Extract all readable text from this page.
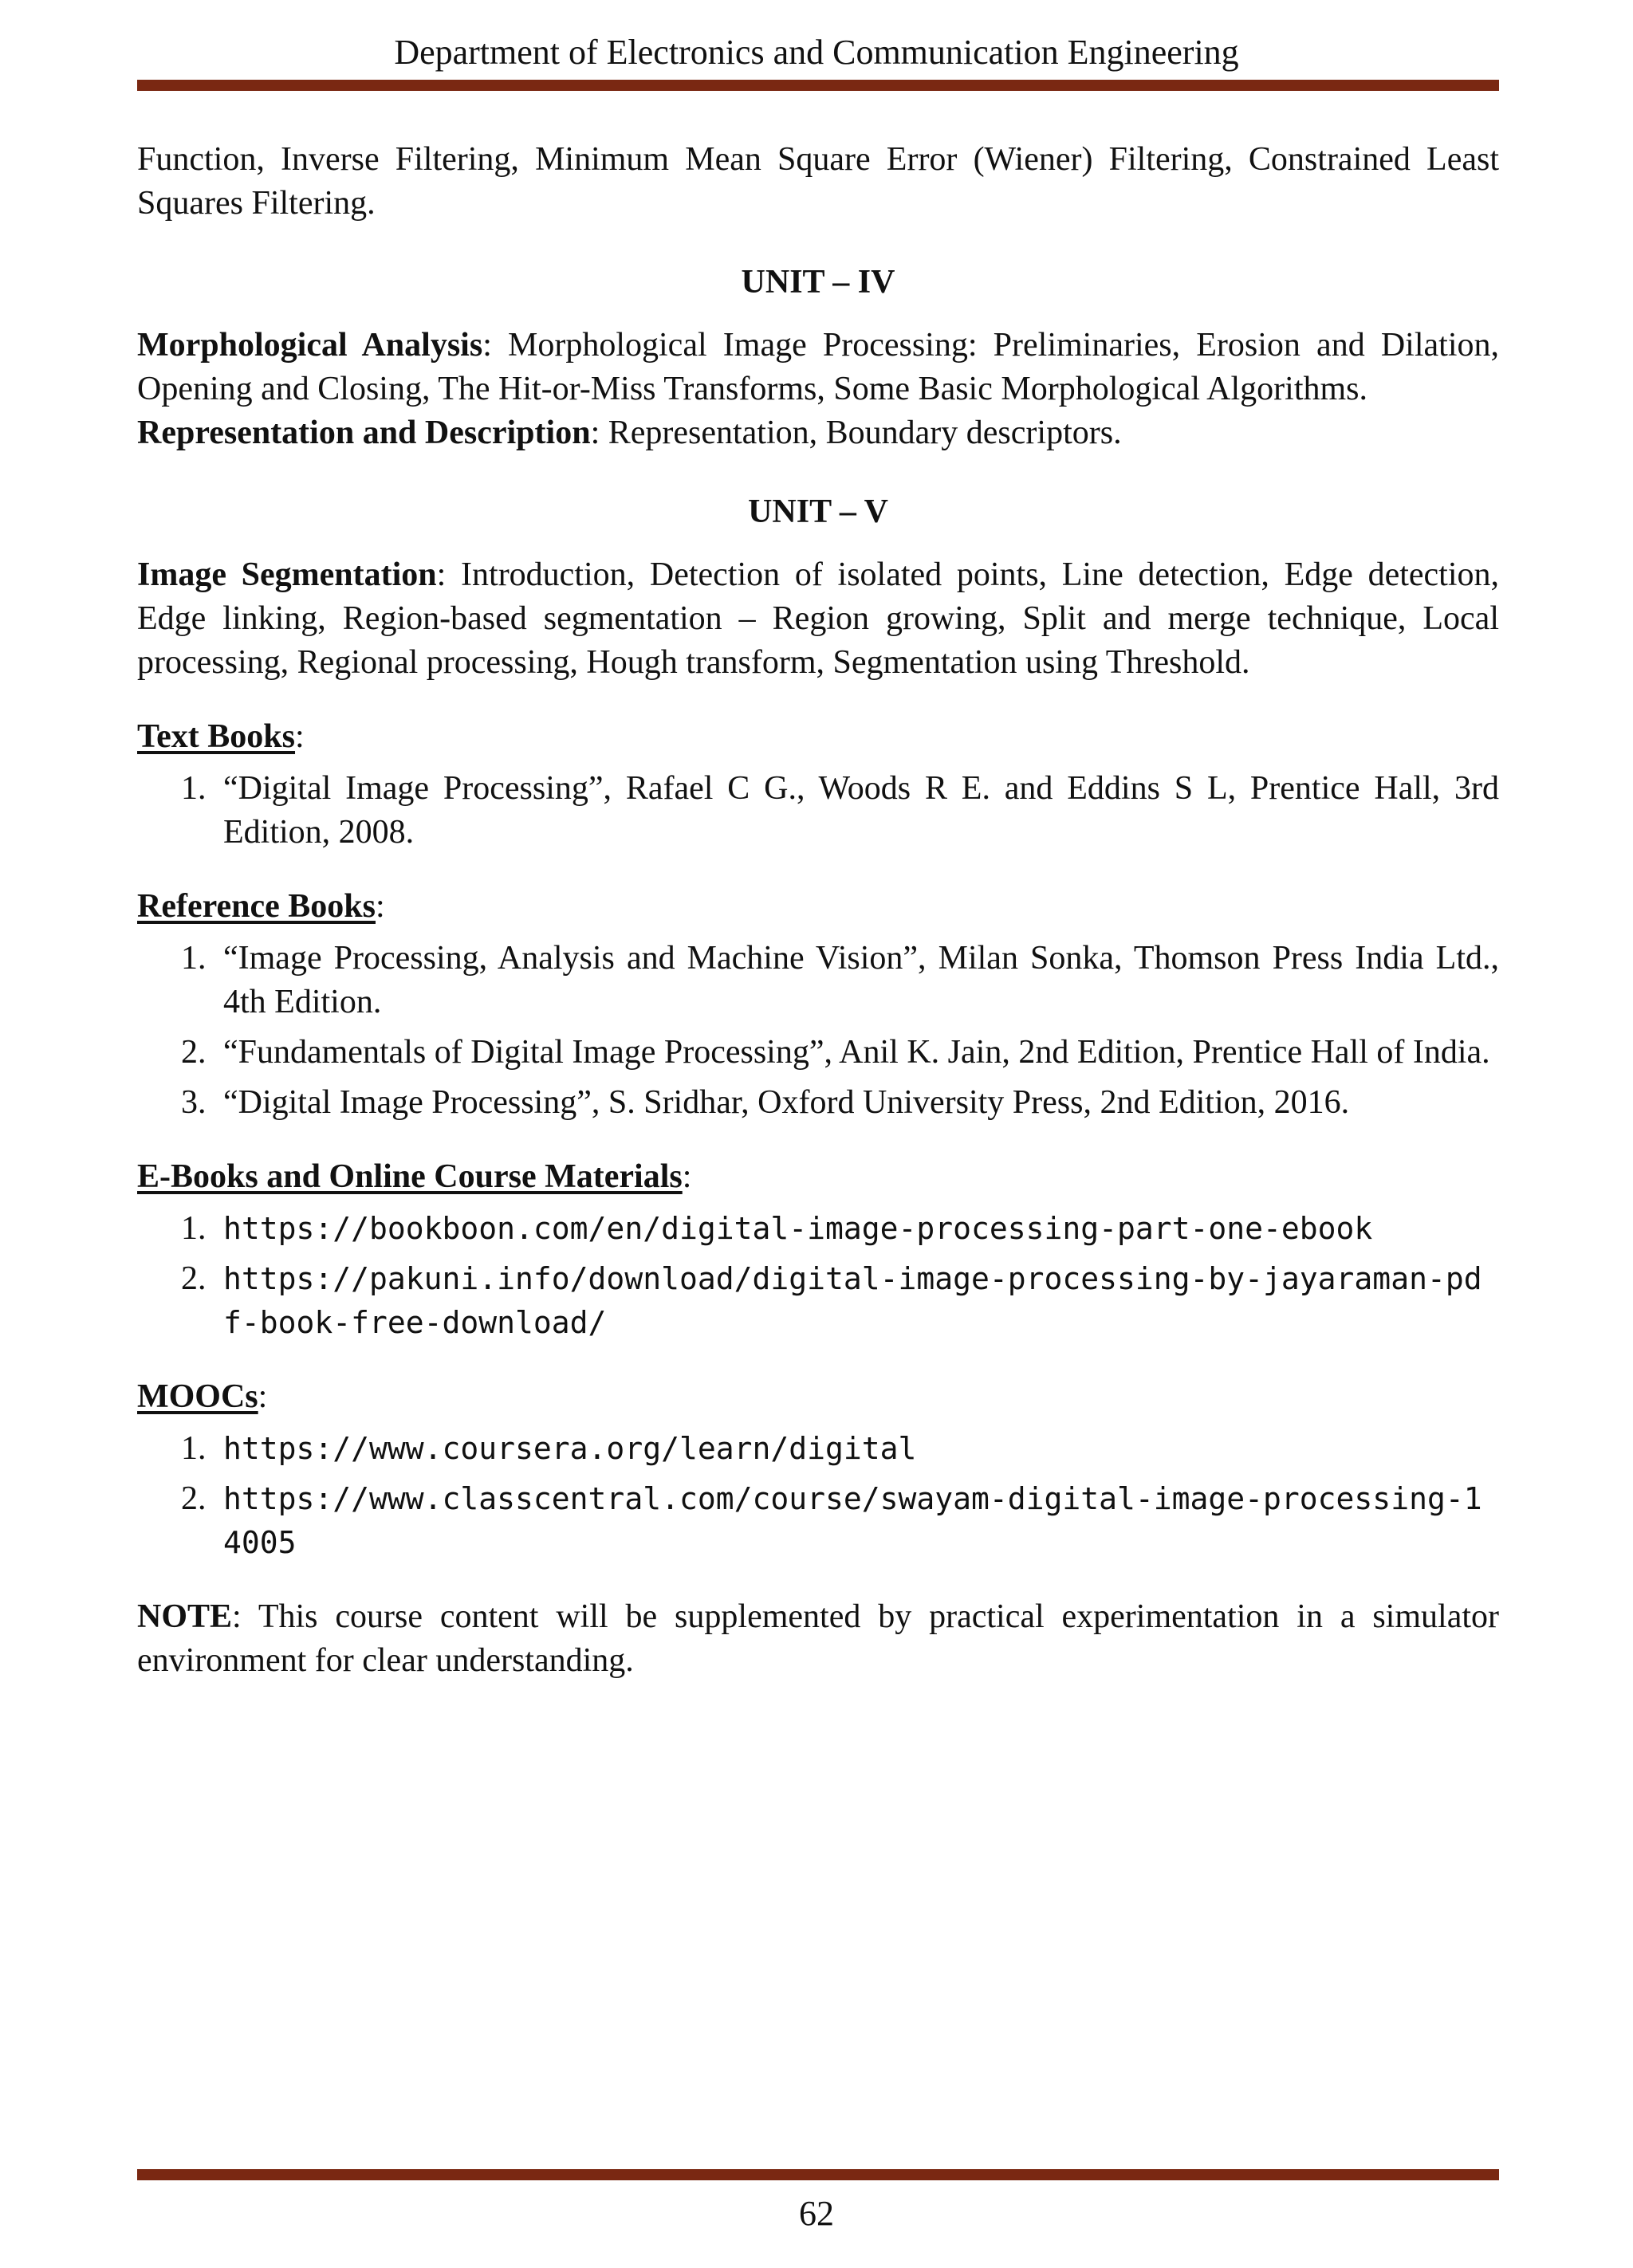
Department of Electronics and Communication Engineering

Function, Inverse Filtering, Minimum Mean Square Error (Wiener) Filtering, Constrained Least Squares Filtering.

UNIT – IV

Morphological Analysis: Morphological Image Processing: Preliminaries, Erosion and Dilation, Opening and Closing, The Hit-or-Miss Transforms, Some Basic Morphological Algorithms.

Representation and Description: Representation, Boundary descriptors.

UNIT – V

Image Segmentation: Introduction, Detection of isolated points, Line detection, Edge detection, Edge linking, Region-based segmentation – Region growing, Split and merge technique, Local processing, Regional processing, Hough transform, Segmentation using Threshold.

Text Books:
1. “Digital Image Processing”, Rafael C G., Woods R E. and Eddins S L, Prentice Hall, 3rd Edition, 2008.
Reference Books:
1. “Image Processing, Analysis and Machine Vision”, Milan Sonka, Thomson Press India Ltd., 4th Edition.
2. “Fundamentals of Digital Image Processing”, Anil K. Jain, 2nd Edition, Prentice Hall of India.
3. “Digital Image Processing”, S. Sridhar, Oxford University Press, 2nd Edition, 2016.
E-Books and Online Course Materials:
1. https://bookboon.com/en/digital-image-processing-part-one-ebook
2. https://pakuni.info/download/digital-image-processing-by-jayaraman-pdf-book-free-download/
MOOCs:
1. https://www.coursera.org/learn/digital
2. https://www.classcentral.com/course/swayam-digital-image-processing-14005

NOTE: This course content will be supplemented by practical experimentation in a simulator environment for clear understanding.

62
